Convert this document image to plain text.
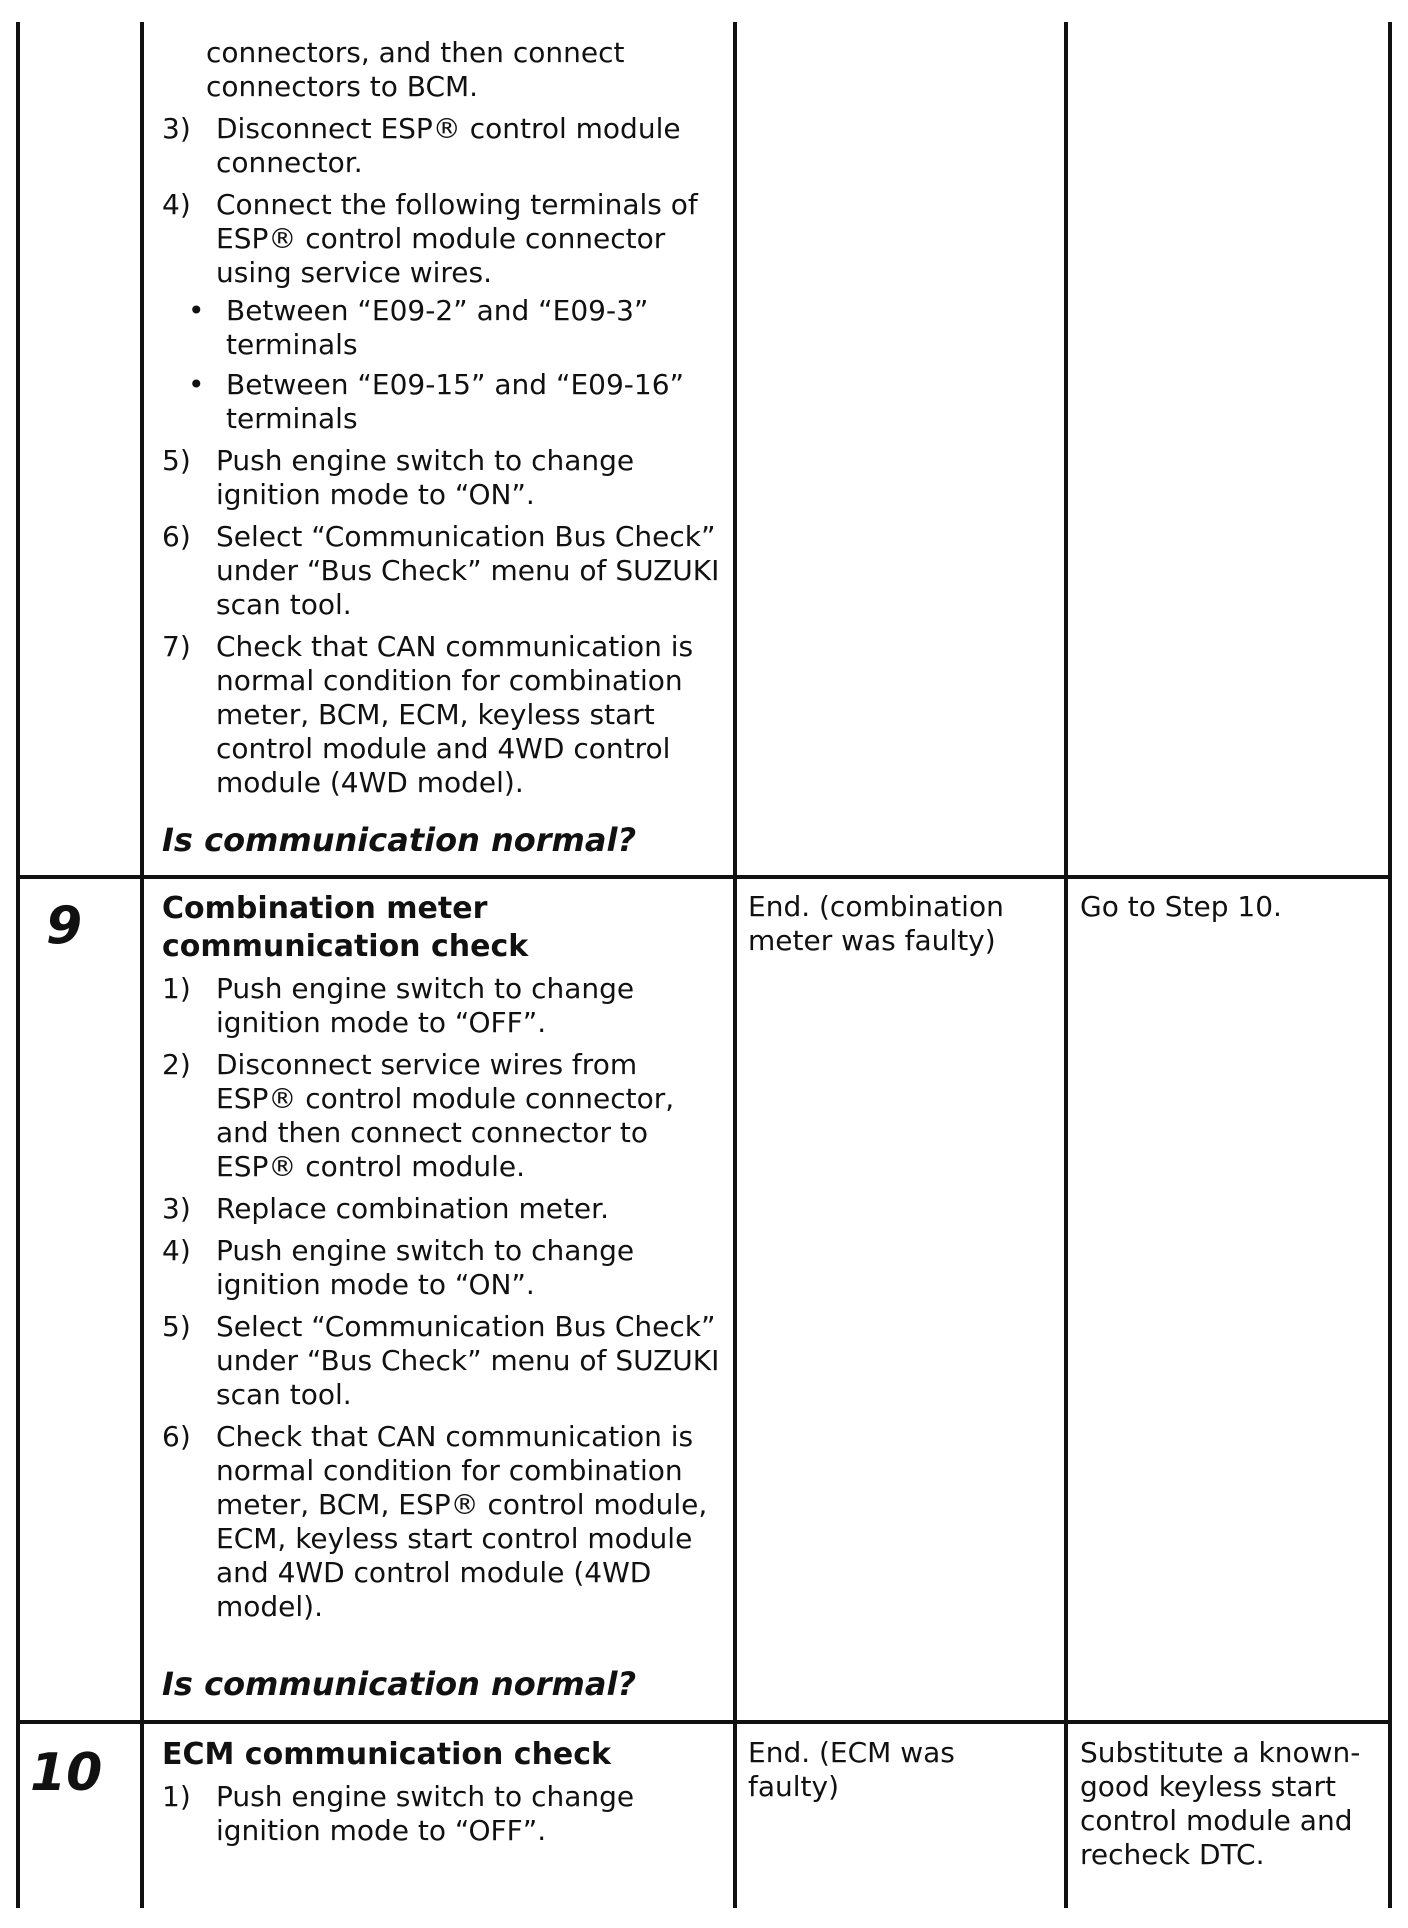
connectors, and then connect
connectors to BCM.
3) Disconnect ESP® control module connector.
4) Connect the following terminals of ESP® control module connector using service wires.
• Between “E09-2” and “E09-3” terminals
• Between “E09-15” and “E09-16” terminals
5) Push engine switch to change ignition mode to “ON”.
6) Select “Communication Bus Check” under “Bus Check” menu of SUZUKI scan tool.
7) Check that CAN communication is normal condition for combination meter, BCM, ECM, keyless start control module and 4WD control module (4WD model).
Is communication normal?
9	Combination meter communication check
1) Push engine switch to change ignition mode to “OFF”.
2) Disconnect service wires from ESP® control module connector, and then connect connector to ESP® control module.
3) Replace combination meter.
4) Push engine switch to change ignition mode to “ON”.
5) Select “Communication Bus Check” under “Bus Check” menu of SUZUKI scan tool.
6) Check that CAN communication is normal condition for combination meter, BCM, ESP® control module, ECM, keyless start control module and 4WD control module (4WD model).
Is communication normal?
End. (combination meter was faulty)
Go to Step 10.
10 ECM communication check
1) Push engine switch to change ignition mode to “OFF”.
End. (ECM was faulty)
Substitute a known-good keyless start control module and recheck DTC.
